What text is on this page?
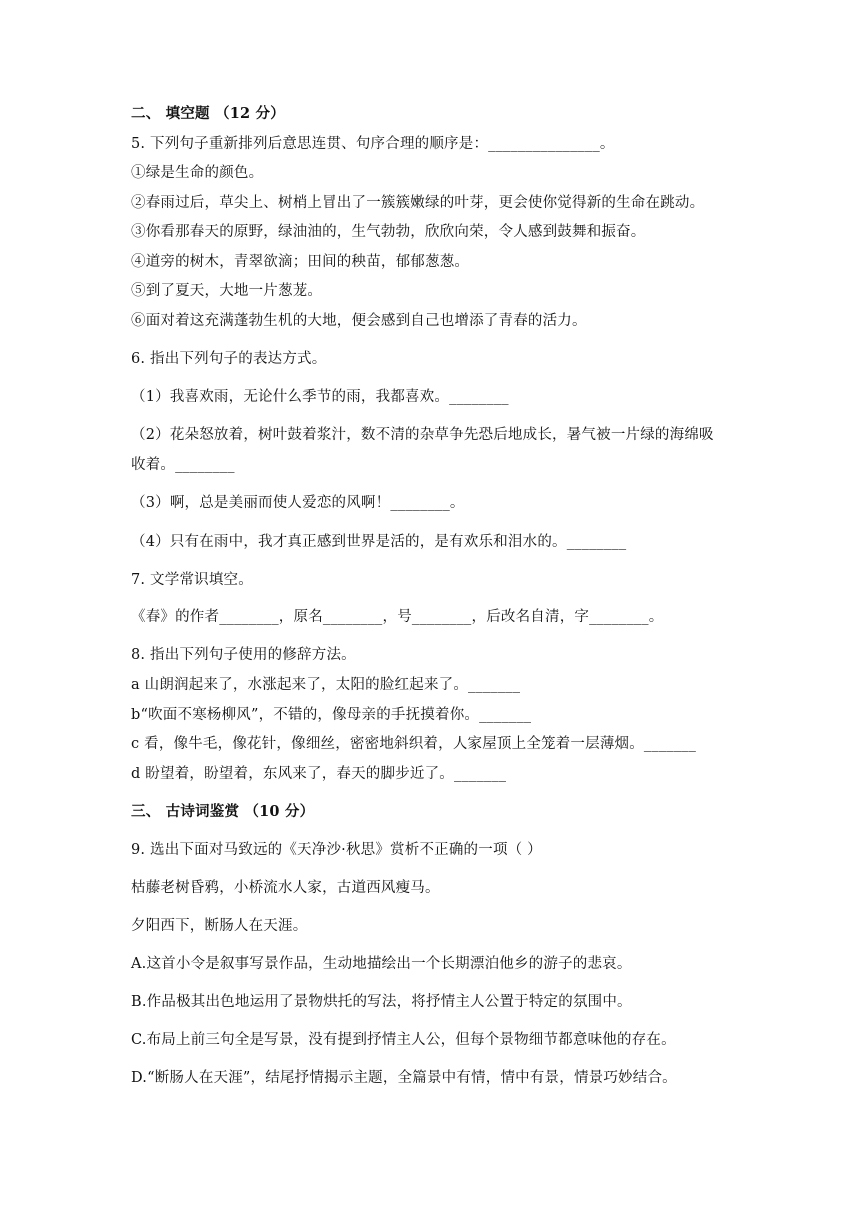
二、 填空题 （12 分）
5. 下列句子重新排列后意思连贯、句序合理的顺序是：_______________。
①绿是生命的颜色。
②春雨过后，草尖上、树梢上冒出了一簇簇嫩绿的叶芽，更会使你觉得新的生命在跳动。
③你看那春天的原野，绿油油的，生气勃勃，欣欣向荣，令人感到鼓舞和振奋。
④道旁的树木，青翠欲滴；田间的秧苗，郁郁葱葱。
⑤到了夏天，大地一片葱茏。
⑥面对着这充满蓬勃生机的大地，便会感到自己也增添了青春的活力。
6. 指出下列句子的表达方式。
（1）我喜欢雨，无论什么季节的雨，我都喜欢。________
（2）花朵怒放着，树叶鼓着浆汁，数不清的杂草争先恐后地成长，暑气被一片绿的海绵吸
收着。________
（3）啊，总是美丽而使人爱恋的风啊！________。
（4）只有在雨中，我才真正感到世界是活的，是有欢乐和泪水的。________
7. 文学常识填空。
《春》的作者________，原名________，号________，后改名自清，字________。
8. 指出下列句子使用的修辞方法。
a 山朗润起来了，水涨起来了，太阳的脸红起来了。_______
b“吹面不寒杨柳风”，不错的，像母亲的手抚摸着你。_______
c 看，像牛毛，像花针，像细丝，密密地斜织着，人家屋顶上全笼着一层薄烟。_______
d 盼望着，盼望着，东风来了，春天的脚步近了。_______
三、 古诗词鉴赏 （10 分）
9. 选出下面对马致远的《天净沙·秋思》赏析不正确的一项（ ）
枯藤老树昏鸦，小桥流水人家，古道西风瘦马。
夕阳西下，断肠人在天涯。
A.这首小令是叙事写景作品，生动地描绘出一个长期漂泊他乡的游子的悲哀。
B.作品极其出色地运用了景物烘托的写法，将抒情主人公置于特定的氛围中。
C.布局上前三句全是写景，没有提到抒情主人公，但每个景物细节都意味他的存在。
D.“断肠人在天涯”，结尾抒情揭示主题，全篇景中有情，情中有景，情景巧妙结合。
